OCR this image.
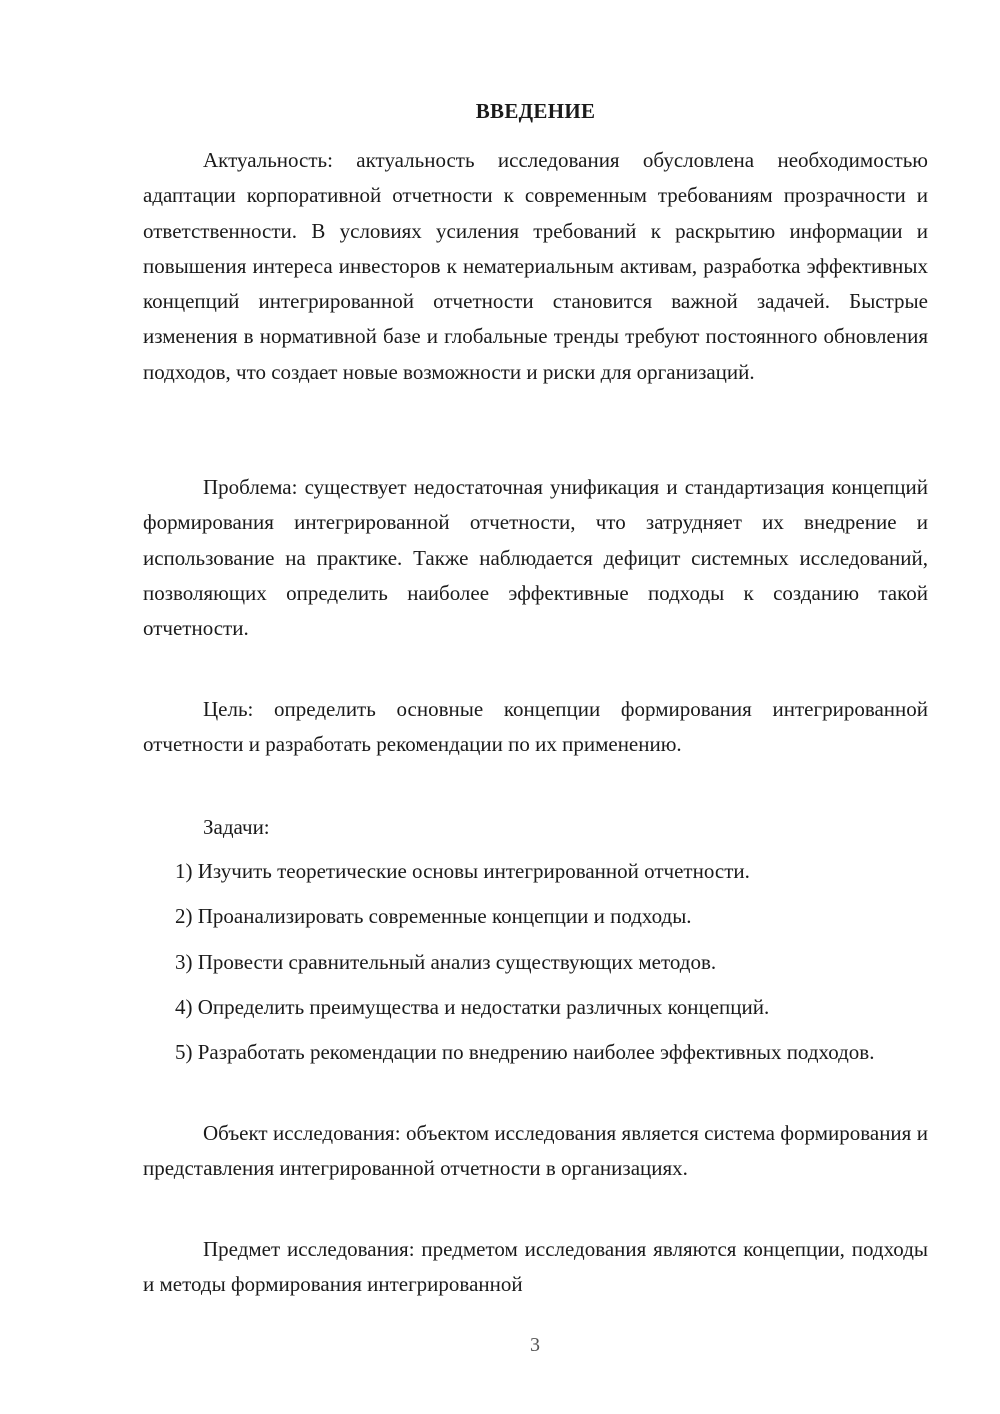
ВВЕДЕНИЕ

Актуальность: актуальность исследования обусловлена необходимостью адаптации корпоративной отчетности к современным требованиям прозрачности и ответственности. В условиях усиления требований к раскрытию информации и повышения интереса инвесторов к нематериальным активам, разработка эффективных концепций интегрированной отчетности становится важной задачей. Быстрые изменения в нормативной базе и глобальные тренды требуют постоянного обновления подходов, что создает новые возможности и риски для организаций.

Проблема: существует недостаточная унификация и стандартизация концепций формирования интегрированной отчетности, что затрудняет их внедрение и использование на практике. Также наблюдается дефицит системных исследований, позволяющих определить наиболее эффективные подходы к созданию такой отчетности.

Цель: определить основные концепции формирования интегрированной отчетности и разработать рекомендации по их применению.

Задачи:

1) Изучить теоретические основы интегрированной отчетности.

2) Проанализировать современные концепции и подходы.

3) Провести сравнительный анализ существующих методов.

4) Определить преимущества и недостатки различных концепций.

5) Разработать рекомендации по внедрению наиболее эффективных подходов.

Объект исследования: объектом исследования является система формирования и представления интегрированной отчетности в организациях.

Предмет исследования: предметом исследования являются концепции, подходы и методы формирования интегрированной

3
